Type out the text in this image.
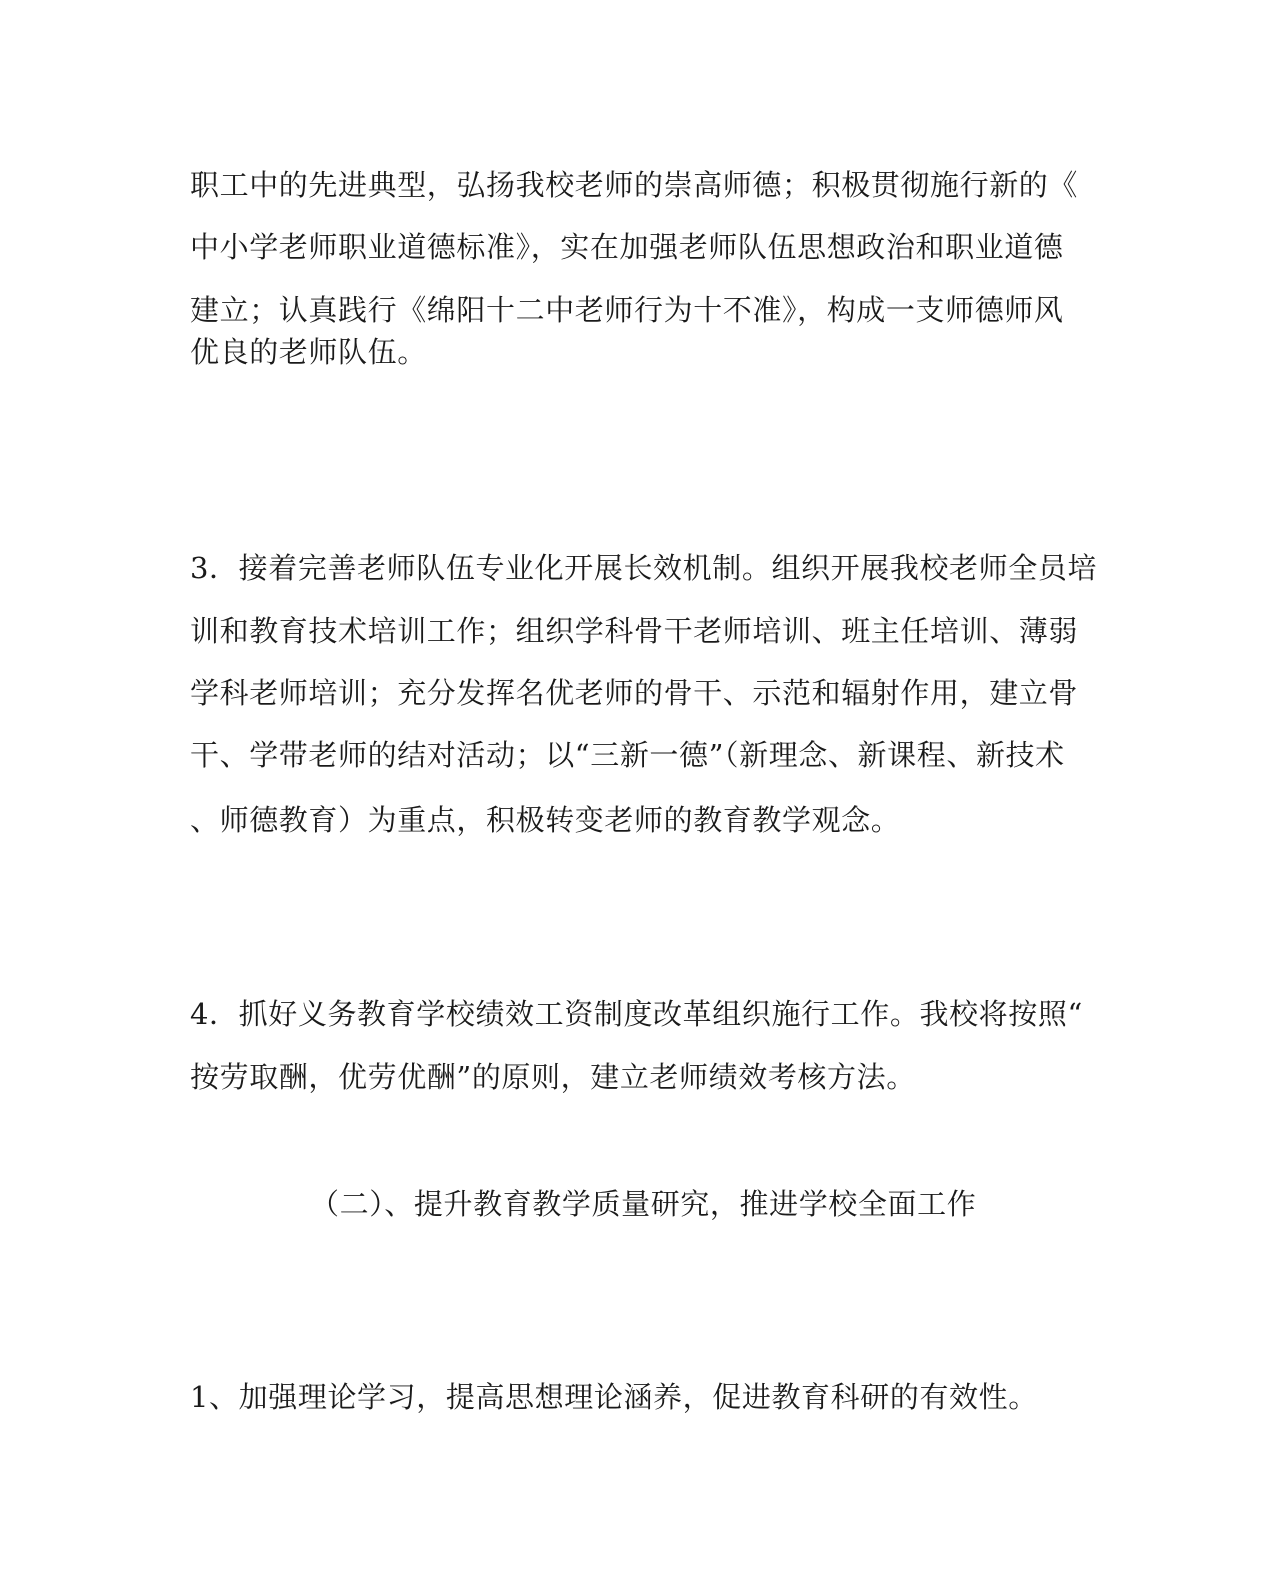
职工中的先进典型，弘扬我校老师的崇高师德；积极贯彻施行新的《
中小学老师职业道德标准》，实在加强老师队伍思想政治和职业道德
建立；认真践行《绵阳十二中老师行为十不准》，构成一支师德师风
优良的老师队伍。
3．接着完善老师队伍专业化开展长效机制。组织开展我校老师全员培
训和教育技术培训工作；组织学科骨干老师培训、班主任培训、薄弱
学科老师培训；充分发挥名优老师的骨干、示范和辐射作用，建立骨
干、学带老师的结对活动；以“三新一德”（新理念、新课程、新技术
、师德教育）为重点，积极转变老师的教育教学观念。
4．抓好义务教育学校绩效工资制度改革组织施行工作。我校将按照“
按劳取酬，优劳优酬”的原则，建立老师绩效考核方法。
（二）、提升教育教学质量研究，推进学校全面工作
1、加强理论学习，提高思想理论涵养，促进教育科研的有效性。
